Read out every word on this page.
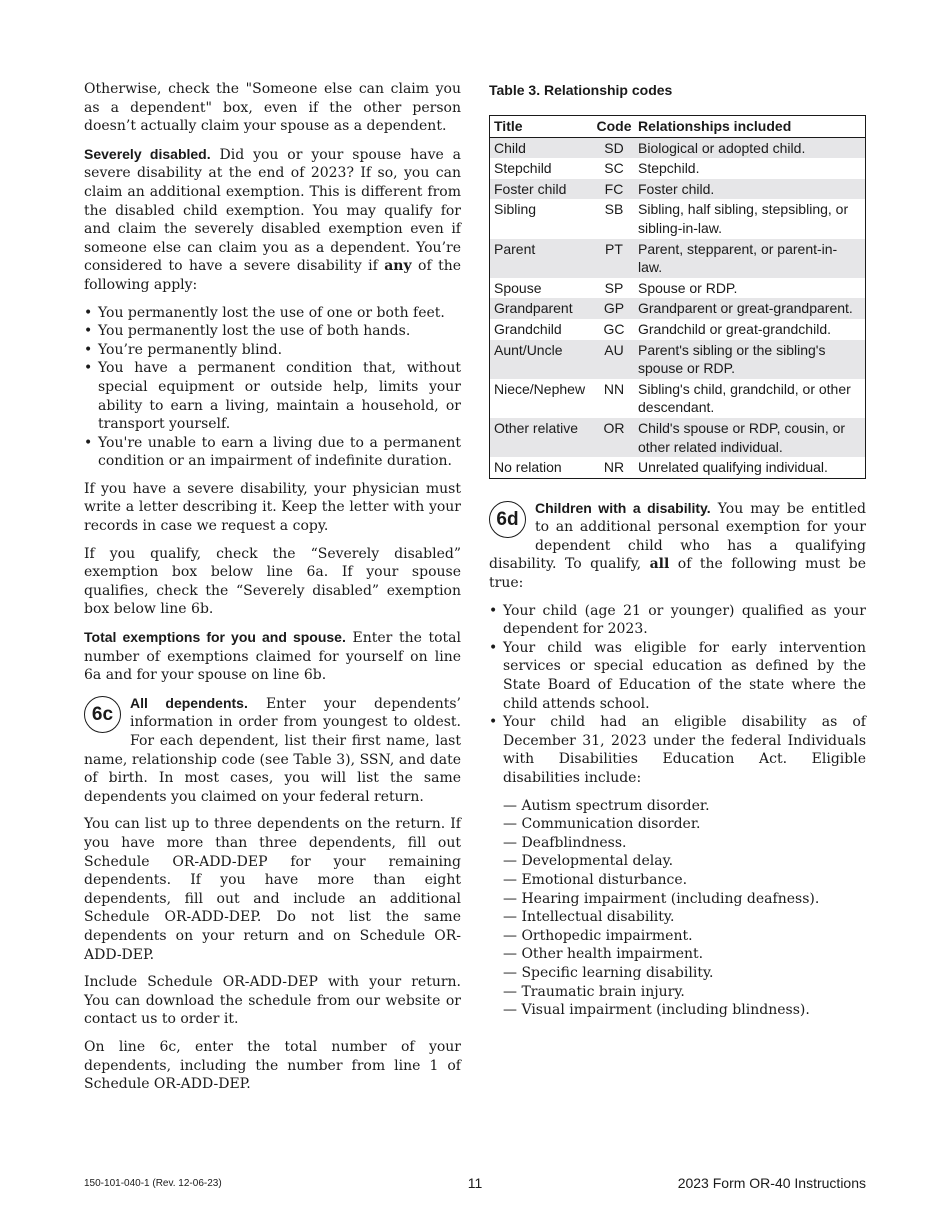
Otherwise, check the "Someone else can claim you as a dependent" box, even if the other person doesn’t actually claim your spouse as a dependent.

Severely disabled. Did you or your spouse have a severe disability at the end of 2023? If so, you can claim an additional exemption. This is different from the disabled child exemption. You may qualify for and claim the severely disabled exemption even if someone else can claim you as a dependent. You’re considered to have a severe disability if any of the following apply:

• You permanently lost the use of one or both feet.
• You permanently lost the use of both hands.
• You’re permanently blind.
• You have a permanent condition that, without special equipment or outside help, limits your ability to earn a living, maintain a household, or transport yourself.
• You're unable to earn a living due to a permanent condition or an impairment of indefinite duration.

If you have a severe disability, your physician must write a letter describing it. Keep the letter with your records in case we request a copy.

If you qualify, check the “Severely disabled” exemption box below line 6a. If your spouse qualifies, check the “Severely disabled” exemption box below line 6b.

Total exemptions for you and spouse. Enter the total number of exemptions claimed for yourself on line 6a and for your spouse on line 6b.

6c
All dependents. Enter your dependents’ information in order from youngest to oldest. For each dependent, list their first name, last name, relationship code (see Table 3), SSN, and date of birth. In most cases, you will list the same dependents you claimed on your federal return.

You can list up to three dependents on the return. If you have more than three dependents, fill out Schedule OR-ADD-DEP for your remaining dependents. If you have more than eight dependents, fill out and include an additional Schedule OR-ADD-DEP. Do not list the same dependents on your return and on Schedule OR-ADD-DEP.

Include Schedule OR-ADD-DEP with your return. You can download the schedule from our website or contact us to order it.

On line 6c, enter the total number of your dependents, including the number from line 1 of Schedule OR-ADD-DEP.

Table 3. Relationship codes
Title	Code	Relationships included
Child	SD	Biological or adopted child.
Stepchild	SC	Stepchild.
Foster child	FC	Foster child.
Sibling	SB	Sibling, half sibling, stepsibling, or sibling-in-law.
Parent	PT	Parent, stepparent, or parent-in-law.
Spouse	SP	Spouse or RDP.
Grandparent	GP	Grandparent or great-grandparent.
Grandchild	GC	Grandchild or great-grandchild.
Aunt/Uncle	AU	Parent's sibling or the sibling's spouse or RDP.
Niece/Nephew	NN	Sibling's child, grandchild, or other descendant.
Other relative	OR	Child's spouse or RDP, cousin, or other related individual.
No relation	NR	Unrelated qualifying individual.

6d
Children with a disability. You may be entitled to an additional personal exemption for your dependent child who has a qualifying disability. To qualify, all of the following must be true:

• Your child (age 21 or younger) qualified as your dependent for 2023.
• Your child was eligible for early intervention services or special education as defined by the State Board of Education of the state where the child attends school.
• Your child had an eligible disability as of December 31, 2023 under the federal Individuals with Disabilities Education Act. Eligible disabilities include:
— Autism spectrum disorder.
— Communication disorder.
— Deafblindness.
— Developmental delay.
— Emotional disturbance.
— Hearing impairment (including deafness).
— Intellectual disability.
— Orthopedic impairment.
— Other health impairment.
— Specific learning disability.
— Traumatic brain injury.
— Visual impairment (including blindness).
150-101-040-1 (Rev. 12-06-23)	11	2023 Form OR-40 Instructions
